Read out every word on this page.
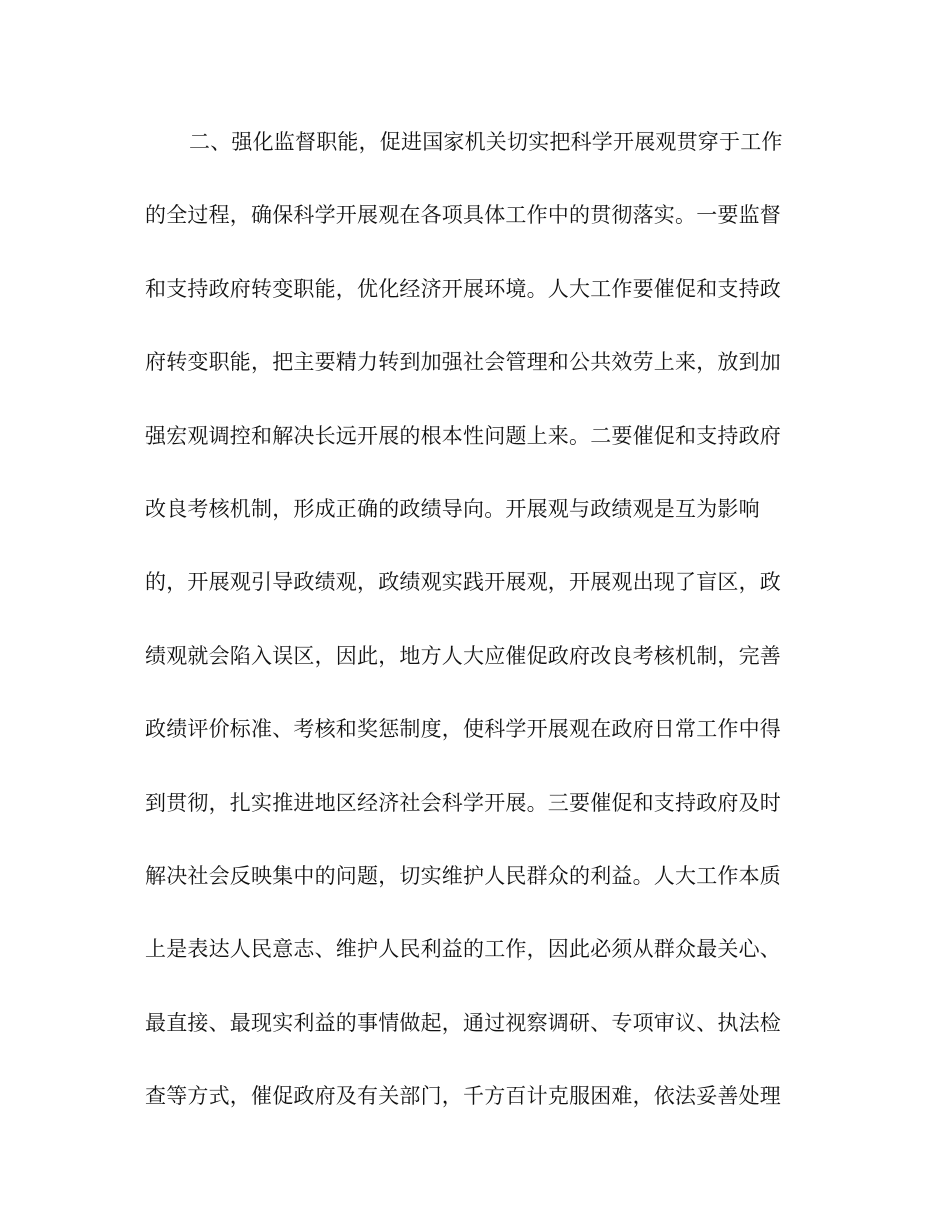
二、强化监督职能，促进国家机关切实把科学开展观贯穿于工作
的全过程，确保科学开展观在各项具体工作中的贯彻落实。一要监督
和支持政府转变职能，优化经济开展环境。人大工作要催促和支持政
府转变职能，把主要精力转到加强社会管理和公共效劳上来，放到加
强宏观调控和解决长远开展的根本性问题上来。二要催促和支持政府
改良考核机制，形成正确的政绩导向。开展观与政绩观是互为影响
的，开展观引导政绩观，政绩观实践开展观，开展观出现了盲区，政
绩观就会陷入误区，因此，地方人大应催促政府改良考核机制，完善
政绩评价标准、考核和奖惩制度，使科学开展观在政府日常工作中得
到贯彻，扎实推进地区经济社会科学开展。三要催促和支持政府及时
解决社会反映集中的问题，切实维护人民群众的利益。人大工作本质
上是表达人民意志、维护人民利益的工作，因此必须从群众最关心、
最直接、最现实利益的事情做起，通过视察调研、专项审议、执法检
查等方式，催促政府及有关部门，千方百计克服困难，依法妥善处理
